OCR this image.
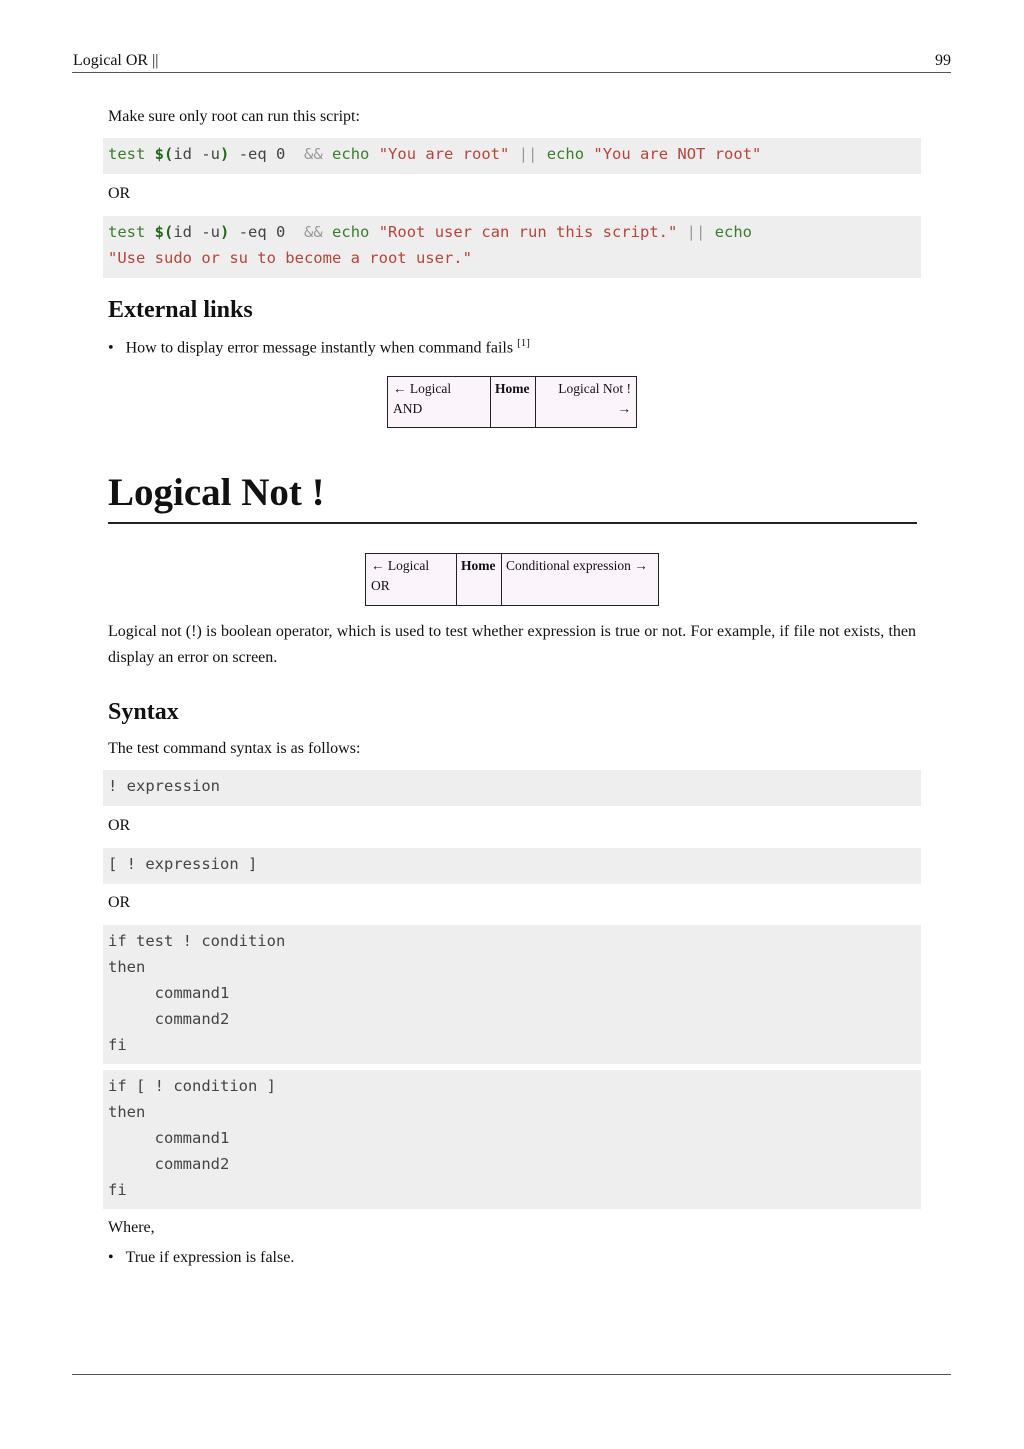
Logical OR ||	99
Make sure only root can run this script:
test $(id -u) -eq 0  && echo "You are root" || echo "You are NOT root"
OR
test $(id -u) -eq 0  && echo "Root user can run this script." || echo
"Use sudo or su to become a root user."
External links
• How to display error message instantly when command fails [1]
← Logical
AND	Home	Logical Not !
→
Logical Not !
← Logical
OR	Home	Conditional expression →
Logical not (!) is boolean operator, which is used to test whether expression is true or not. For example, if file not exists, then display an error on screen.
Syntax
The test command syntax is as follows:
! expression
OR
[ ! expression ]
OR
if test ! condition
then
command1
command2
fi
if [ ! condition ]
then
command1
command2
fi
Where,
• True if expression is false.
